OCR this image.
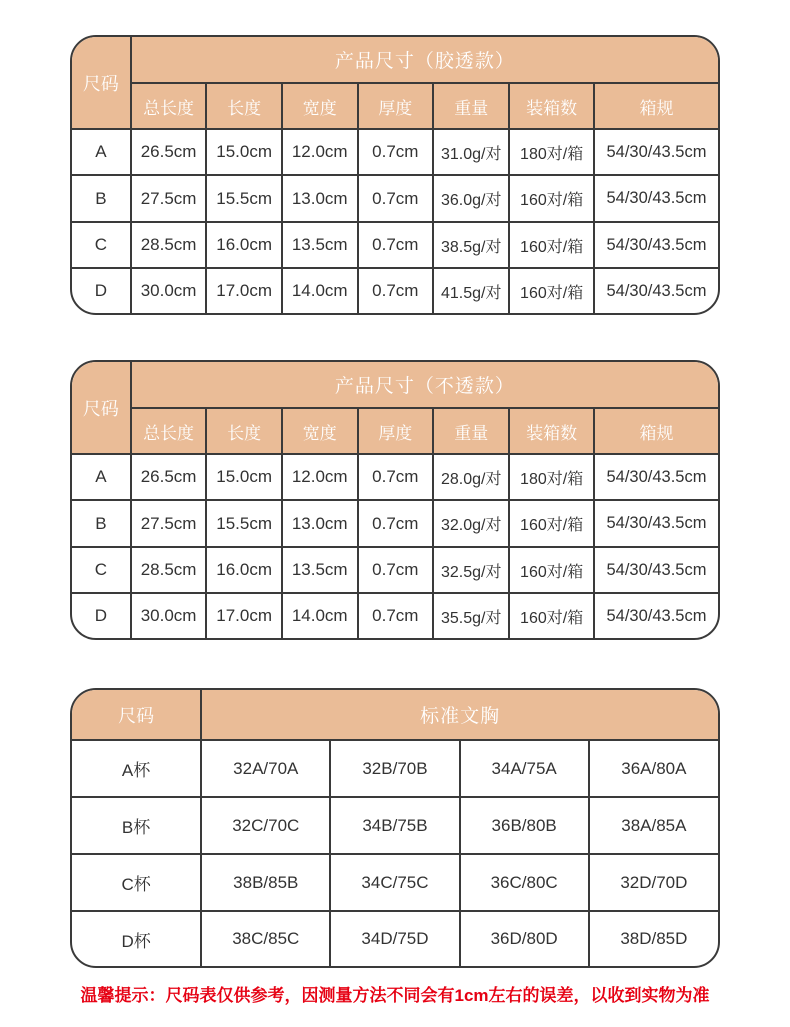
尺码	产品尺寸（胶透款）						
	总长度	长度	宽度	厚度	重量	装箱数	箱规
A	26.5cm	15.0cm	12.0cm	0.7cm	31.0g/对	180对/箱	54/30/43.5cm
B	27.5cm	15.5cm	13.0cm	0.7cm	36.0g/对	160对/箱	54/30/43.5cm
C	28.5cm	16.0cm	13.5cm	0.7cm	38.5g/对	160对/箱	54/30/43.5cm
D	30.0cm	17.0cm	14.0cm	0.7cm	41.5g/对	160对/箱	54/30/43.5cm
尺码	产品尺寸（不透款）						
	总长度	长度	宽度	厚度	重量	装箱数	箱规
A	26.5cm	15.0cm	12.0cm	0.7cm	28.0g/对	180对/箱	54/30/43.5cm
B	27.5cm	15.5cm	13.0cm	0.7cm	32.0g/对	160对/箱	54/30/43.5cm
C	28.5cm	16.0cm	13.5cm	0.7cm	32.5g/对	160对/箱	54/30/43.5cm
D	30.0cm	17.0cm	14.0cm	0.7cm	35.5g/对	160对/箱	54/30/43.5cm
尺码	标准文胸			
A杯	32A/70A	32B/70B	34A/75A	36A/80A
B杯	32C/70C	34B/75B	36B/80B	38A/85A
C杯	38B/85B	34C/75C	36C/80C	32D/70D
D杯	38C/85C	34D/75D	36D/80D	38D/85D
温馨提示：尺码表仅供参考，因测量方法不同会有1cm左右的误差，以收到实物为准
